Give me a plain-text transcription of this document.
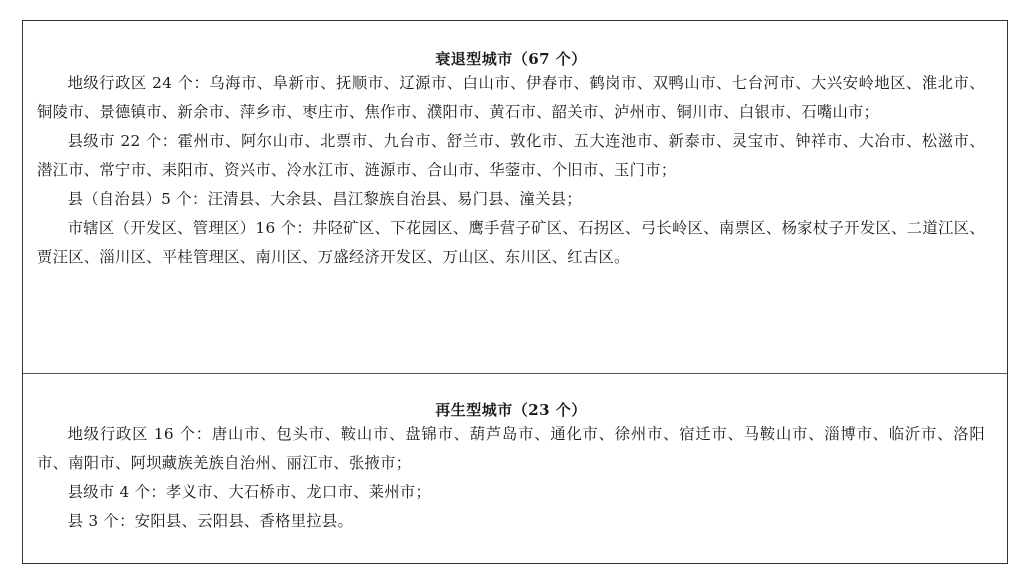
衰退型城市（67 个）
地级行政区 24 个：乌海市、阜新市、抚顺市、辽源市、白山市、伊春市、鹤岗市、双鸭山市、七台河市、大兴安岭地区、淮北市、铜陵市、景德镇市、新余市、萍乡市、枣庄市、焦作市、濮阳市、黄石市、韶关市、泸州市、铜川市、白银市、石嘴山市；
县级市 22 个：霍州市、阿尔山市、北票市、九台市、舒兰市、敦化市、五大连池市、新泰市、灵宝市、钟祥市、大冶市、松滋市、潜江市、常宁市、耒阳市、资兴市、冷水江市、涟源市、合山市、华蓥市、个旧市、玉门市；
县（自治县）5 个：汪清县、大余县、昌江黎族自治县、易门县、潼关县；
市辖区（开发区、管理区）16 个：井陉矿区、下花园区、鹰手营子矿区、石拐区、弓长岭区、南票区、杨家杖子开发区、二道江区、贾汪区、淄川区、平桂管理区、南川区、万盛经济开发区、万山区、东川区、红古区。
再生型城市（23 个）
地级行政区 16 个：唐山市、包头市、鞍山市、盘锦市、葫芦岛市、通化市、徐州市、宿迁市、马鞍山市、淄博市、临沂市、洛阳市、南阳市、阿坝藏族羌族自治州、丽江市、张掖市；
县级市 4 个：孝义市、大石桥市、龙口市、莱州市；
县 3 个：安阳县、云阳县、香格里拉县。
